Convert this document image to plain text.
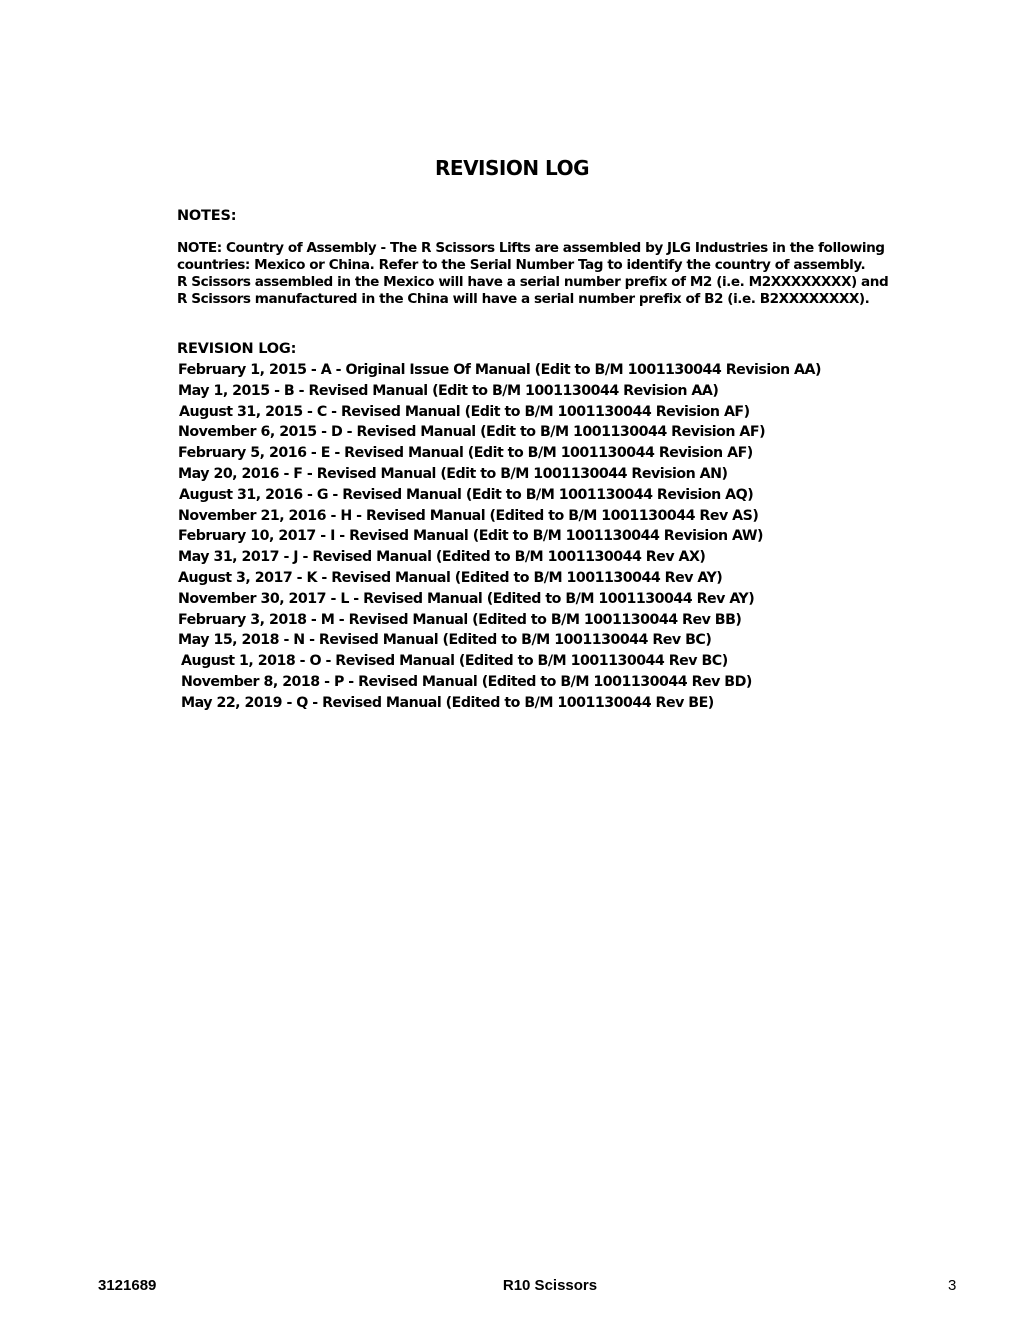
REVISION LOG
NOTES:
NOTE: Country of Assembly - The R Scissors Lifts are assembled by JLG Industries in the following
countries: Mexico or China. Refer to the Serial Number Tag to identify the country of assembly.
R Scissors assembled in the Mexico will have a serial number prefix of M2 (i.e. M2XXXXXXXX) and
R Scissors manufactured in the China will have a serial number prefix of B2 (i.e. B2XXXXXXXX).
REVISION LOG:
February 1, 2015 - A - Original Issue Of Manual (Edit to B/M 1001130044 Revision AA)
May 1, 2015 - B - Revised Manual (Edit to B/M 1001130044 Revision AA)
August 31, 2015 - C - Revised Manual (Edit to B/M 1001130044 Revision AF)
November 6, 2015 - D - Revised Manual (Edit to B/M 1001130044 Revision AF)
February 5, 2016 - E - Revised Manual (Edit to B/M 1001130044 Revision AF)
May 20, 2016 - F - Revised Manual (Edit to B/M 1001130044 Revision AN)
August 31, 2016 - G - Revised Manual (Edit to B/M 1001130044 Revision AQ)
November 21, 2016 - H - Revised Manual (Edited to B/M 1001130044 Rev AS)
February 10, 2017 - I - Revised Manual (Edit to B/M 1001130044 Revision AW)
May 31, 2017 - J - Revised Manual (Edited to B/M 1001130044 Rev AX)
August 3, 2017 - K - Revised Manual (Edited to B/M 1001130044 Rev AY)
November 30, 2017 - L - Revised Manual (Edited to B/M 1001130044 Rev AY)
February 3, 2018 - M - Revised Manual (Edited to B/M 1001130044 Rev BB)
May 15, 2018 - N - Revised Manual (Edited to B/M 1001130044 Rev BC)
August 1, 2018 - O - Revised Manual (Edited to B/M 1001130044 Rev BC)
November 8, 2018 - P - Revised Manual (Edited to B/M 1001130044 Rev BD)
May 22, 2019 - Q - Revised Manual (Edited to B/M 1001130044 Rev BE)
3121689	R10 Scissors	3
